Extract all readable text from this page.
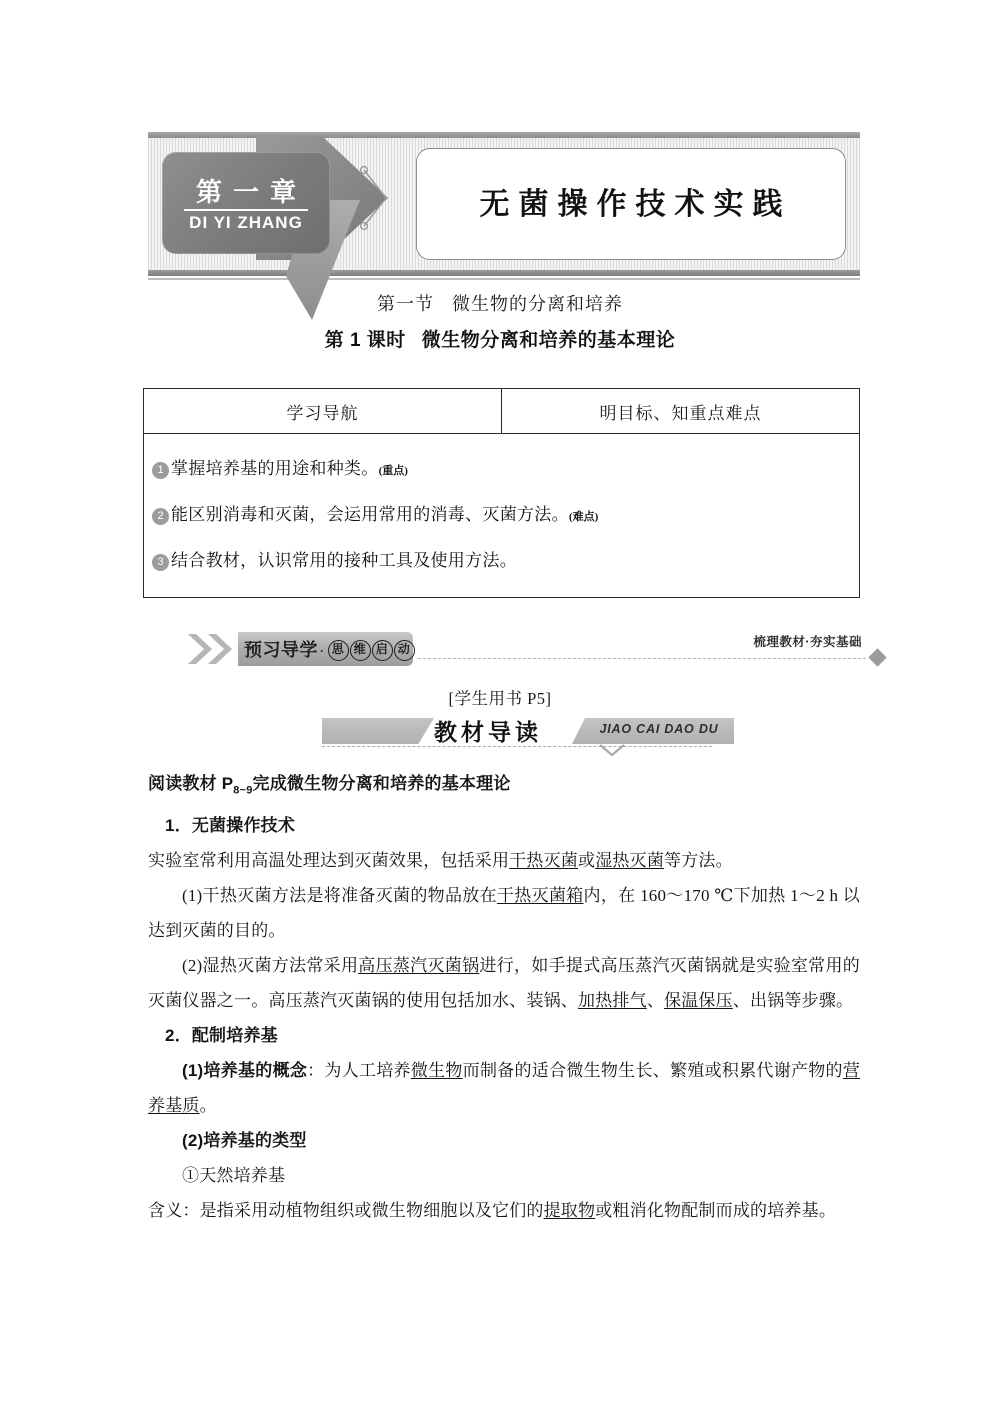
第一章
DI YI ZHANG
无菌操作技术实践
第一节 微生物的分离和培养
第 1 课时 微生物分离和培养的基本理论
学习导航	明目标、知重点难点
1 掌握培养基的用途和种类。 (重点)
2 能区别消毒和灭菌，会运用常用的消毒、灭菌方法。 (难点)
3 结合教材，认识常用的接种工具及使用方法。
预习导学 · 思 维 启 动	梳理教材·夯实基础
[学生用书 P5]
教材导读	JIAO CAI DAO DU

阅读教材 $P_{8\sim 9}$完成微生物分离和培养的基本理论

1．无菌操作技术

实验室常利用高温处理达到灭菌效果，包括采用干热灭菌或湿热灭菌等方法。

(1)干热灭菌方法是将准备灭菌的物品放在干热灭菌箱内，在 160～170 ℃下加热 1～2 h 以达到灭菌的目的。

(2)湿热灭菌方法常采用高压蒸汽灭菌锅进行，如手提式高压蒸汽灭菌锅就是实验室常用的灭菌仪器之一。高压蒸汽灭菌锅的使用包括加水、装锅、加热排气、保温保压、出锅等步骤。

2．配制培养基

(1)培养基的概念：为人工培养微生物而制备的适合微生物生长、繁殖或积累代谢产物的营养基质。

(2)培养基的类型

①天然培养基

含义：是指采用动植物组织或微生物细胞以及它们的提取物或粗消化物配制而成的培养基。
